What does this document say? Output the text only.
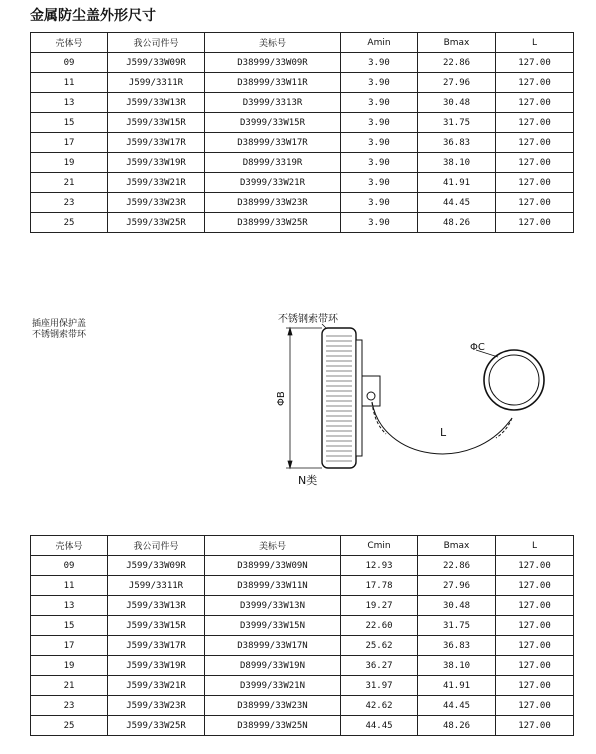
金属防尘盖外形尺寸
壳体号	我公司件号	美标号	Amin	Bmax	L
09	J599/33W09R	D38999/33W09R	3.90	22.86	127.00
11	J599/3311R	D38999/33W11R	3.90	27.96	127.00
13	J599/33W13R	D3999/3313R	3.90	30.48	127.00
15	J599/33W15R	D3999/33W15R	3.90	31.75	127.00
17	J599/33W17R	D38999/33W17R	3.90	36.83	127.00
19	J599/33W19R	D8999/3319R	3.90	38.10	127.00
21	J599/33W21R	D3999/33W21R	3.90	41.91	127.00
23	J599/33W23R	D38999/33W23R	3.90	44.45	127.00
25	J599/33W25R	D38999/33W25R	3.90	48.26	127.00
插座用保护盖
不锈钢索带环
不锈钢索带环
ΦB
ΦC
L
N类
壳体号	我公司件号	美标号	Cmin	Bmax	L
09	J599/33W09R	D38999/33W09N	12.93	22.86	127.00
11	J599/3311R	D38999/33W11N	17.78	27.96	127.00
13	J599/33W13R	D3999/33W13N	19.27	30.48	127.00
15	J599/33W15R	D3999/33W15N	22.60	31.75	127.00
17	J599/33W17R	D38999/33W17N	25.62	36.83	127.00
19	J599/33W19R	D8999/33W19N	36.27	38.10	127.00
21	J599/33W21R	D3999/33W21N	31.97	41.91	127.00
23	J599/33W23R	D38999/33W23N	42.62	44.45	127.00
25	J599/33W25R	D38999/33W25N	44.45	48.26	127.00
